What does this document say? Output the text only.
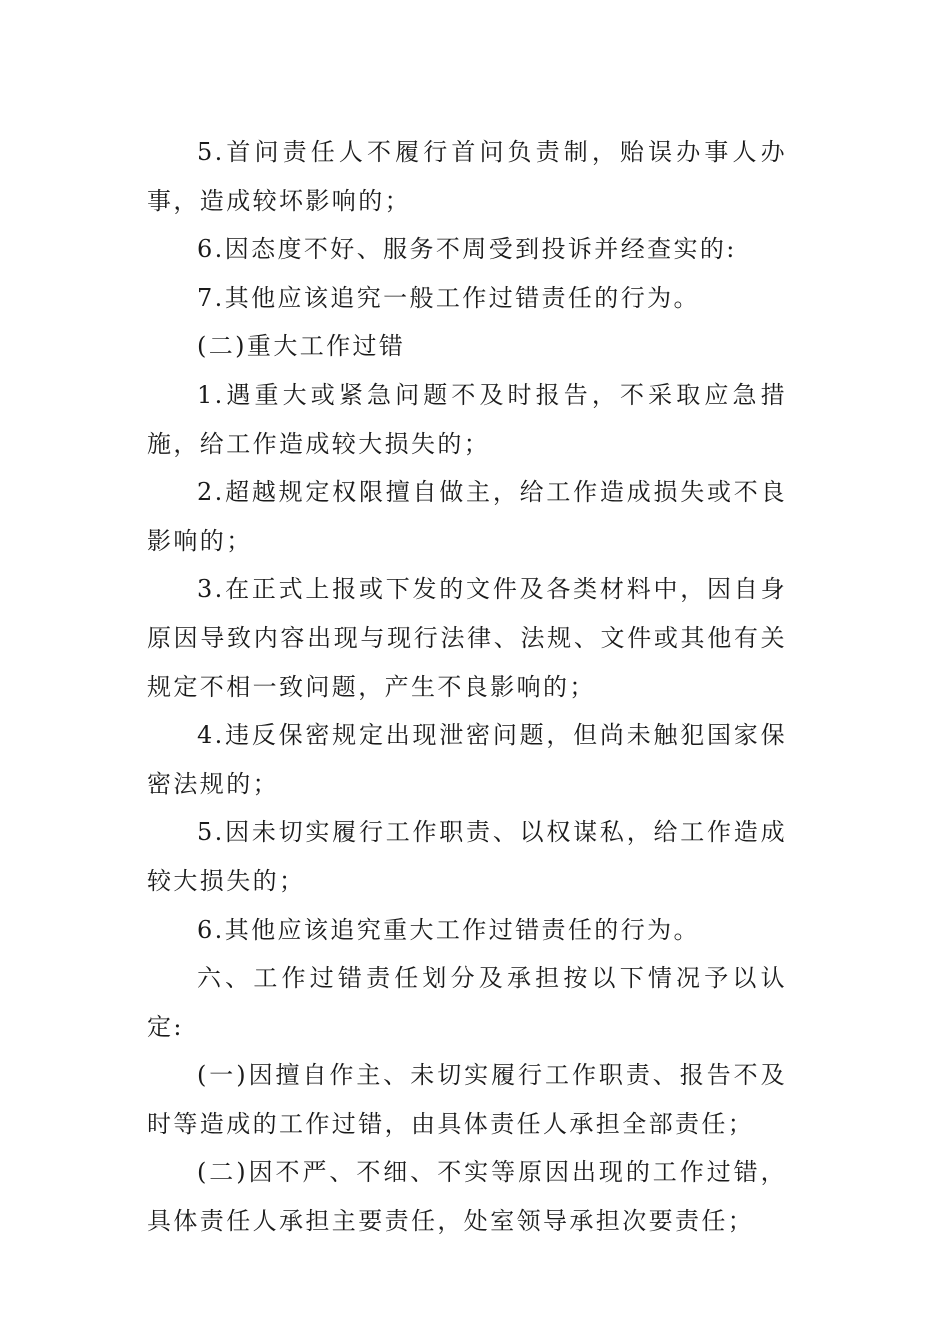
5.首问责任人不履行首问负责制，贻误办事人办事，造成较坏影响的；

6.因态度不好、服务不周受到投诉并经查实的:

7.其他应该追究一般工作过错责任的行为。

(二)重大工作过错

1.遇重大或紧急问题不及时报告，不采取应急措施，给工作造成较大损失的；

2.超越规定权限擅自做主，给工作造成损失或不良影响的；

3.在正式上报或下发的文件及各类材料中，因自身原因导致内容出现与现行法律、法规、文件或其他有关规定不相一致问题，产生不良影响的；

4.违反保密规定出现泄密问题，但尚未触犯国家保密法规的；

5.因未切实履行工作职责、以权谋私，给工作造成较大损失的；

6.其他应该追究重大工作过错责任的行为。

六、工作过错责任划分及承担按以下情况予以认定:

(一)因擅自作主、未切实履行工作职责、报告不及时等造成的工作过错，由具体责任人承担全部责任；

(二)因不严、不细、不实等原因出现的工作过错，具体责任人承担主要责任，处室领导承担次要责任；
